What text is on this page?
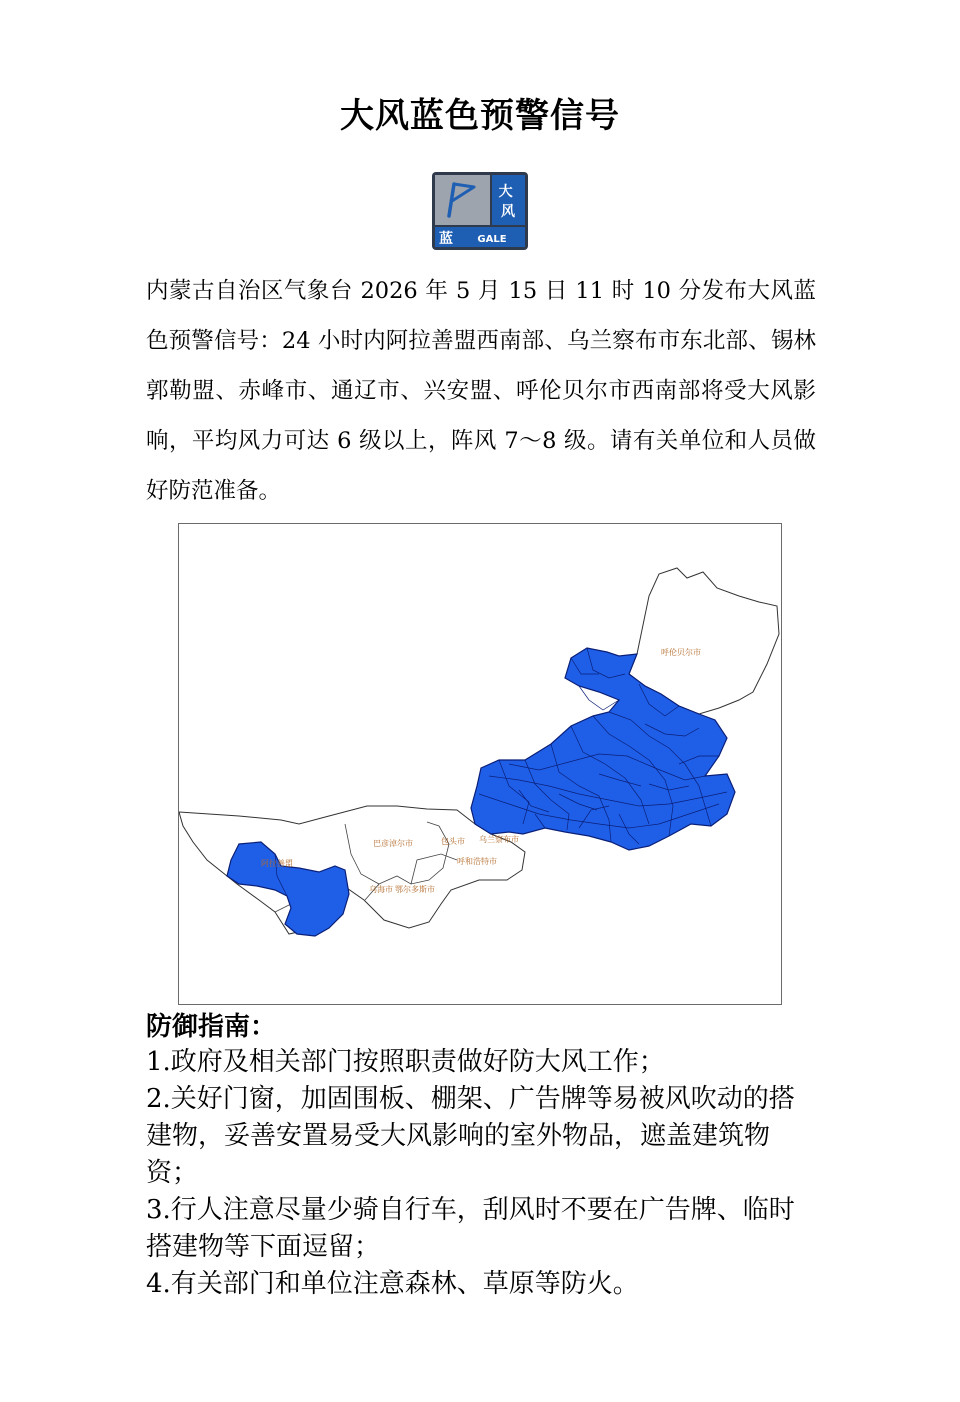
大风蓝色预警信号
大 风
蓝 GALE

内蒙古自治区气象台 2026 年 5 月 15 日 11 时 10 分发布大风蓝色预警信号：24 小时内阿拉善盟西南部、乌兰察布市东北部、锡林郭勒盟、赤峰市、通辽市、兴安盟、呼伦贝尔市西南部将受大风影响，平均风力可达 6 级以上，阵风 7～8 级。请有关单位和人员做好防范准备。

呼伦贝尔市
巴彦淖尔市	包头市
呼和浩特市
鄂尔多斯市
乌海市
阿拉善盟
乌兰察布市
防御指南：
1.政府及相关部门按照职责做好防大风工作；
2.关好门窗，加固围板、棚架、广告牌等易被风吹动的搭建物，妥善安置易受大风影响的室外物品，遮盖建筑物资；
3.行人注意尽量少骑自行车，刮风时不要在广告牌、临时搭建物等下面逗留；
4.有关部门和单位注意森林、草原等防火。
